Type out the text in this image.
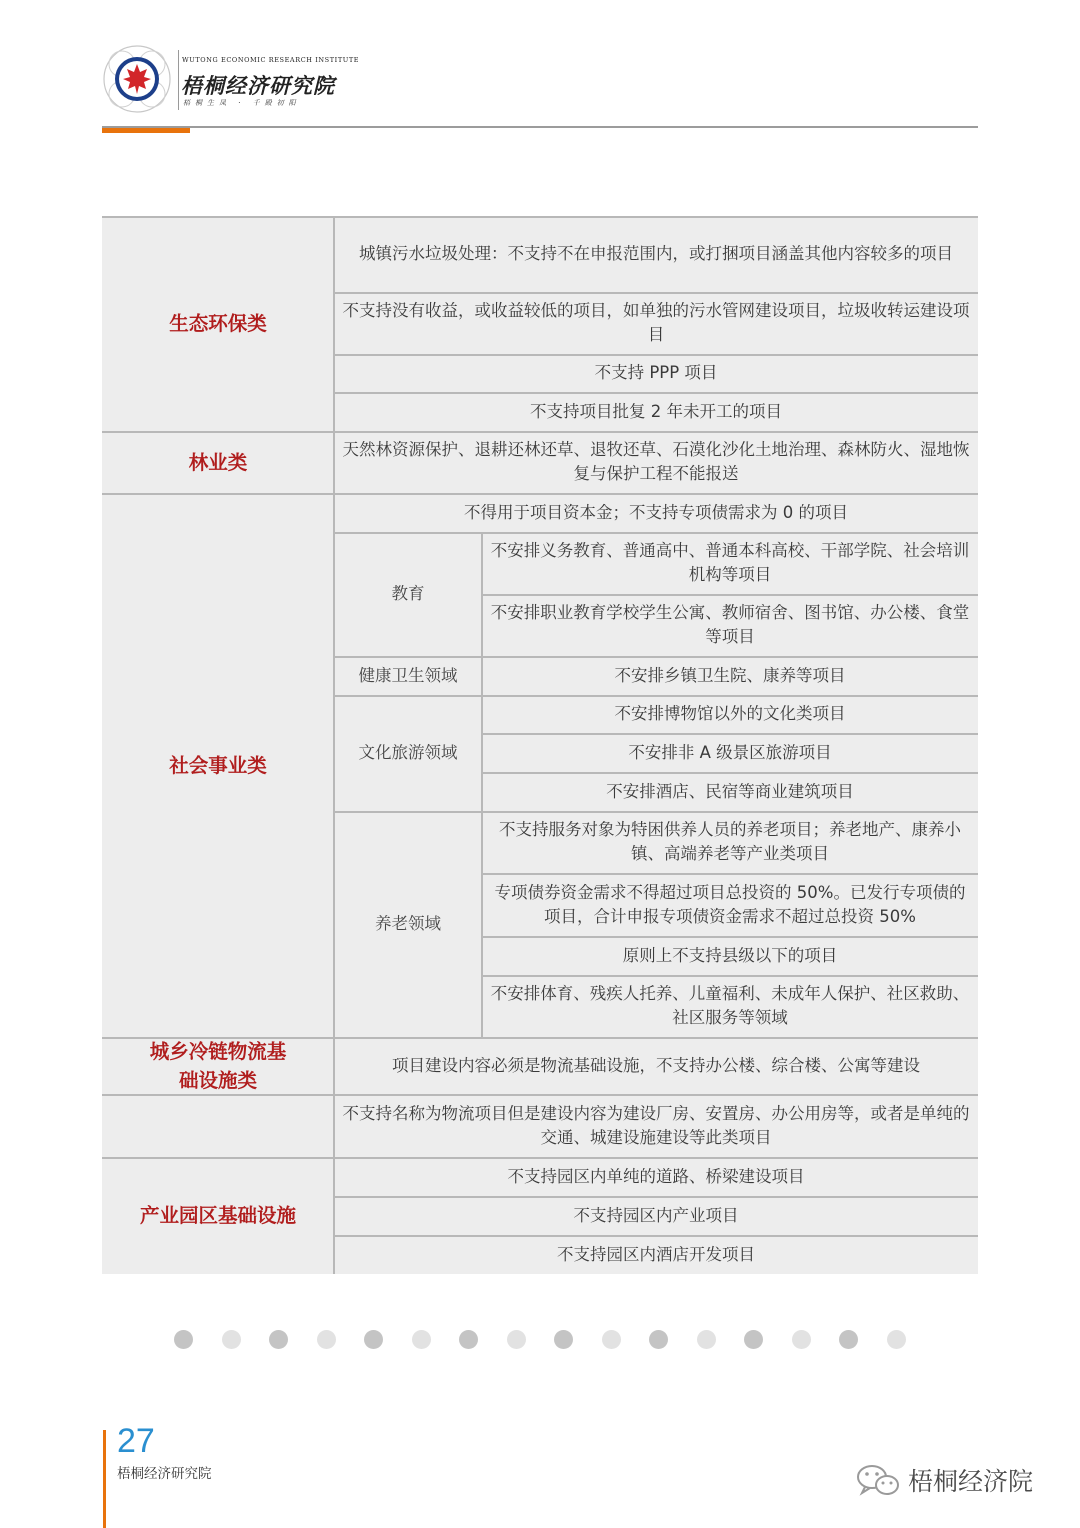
WUTONG ECONOMIC RESEARCH INSTITUTE
梧桐经济研究院
梧桐生凤 · 千殿初阳
生态环保类
林业类
社会事业类
城乡冷链物流基础设施类
产业园区基础设施
教育
健康卫生领域
文化旅游领域
养老领域
城镇污水垃圾处理：不支持不在申报范围内，或打捆项目涵盖其他内容较多的项目
不支持没有收益，或收益较低的项目，如单独的污水管网建设项目，垃圾收转运建设项目
不支持 PPP 项目
不支持项目批复 2 年未开工的项目
天然林资源保护、退耕还林还草、退牧还草、石漠化沙化土地治理、森林防火、湿地恢复与保护工程不能报送
不得用于项目资本金；不支持专项债需求为 0 的项目
不安排义务教育、普通高中、普通本科高校、干部学院、社会培训机构等项目
不安排职业教育学校学生公寓、教师宿舍、图书馆、办公楼、食堂等项目
不安排乡镇卫生院、康养等项目
不安排博物馆以外的文化类项目
不安排非 A 级景区旅游项目
不安排酒店、民宿等商业建筑项目
不支持服务对象为特困供养人员的养老项目；养老地产、康养小镇、高端养老等产业类项目
专项债券资金需求不得超过项目总投资的 50%。已发行专项债的项目，合计申报专项债资金需求不超过总投资 50%
原则上不支持县级以下的项目
不安排体育、残疾人托养、儿童福利、未成年人保护、社区救助、社区服务等领域
项目建设内容必须是物流基础设施，不支持办公楼、综合楼、公寓等建设
不支持名称为物流项目但是建设内容为建设厂房、安置房、办公用房等，或者是单纯的交通、城建设施建设等此类项目
不支持园区内单纯的道路、桥梁建设项目
不支持园区内产业项目
不支持园区内酒店开发项目
27
梧桐经济研究院	梧桐经济院
